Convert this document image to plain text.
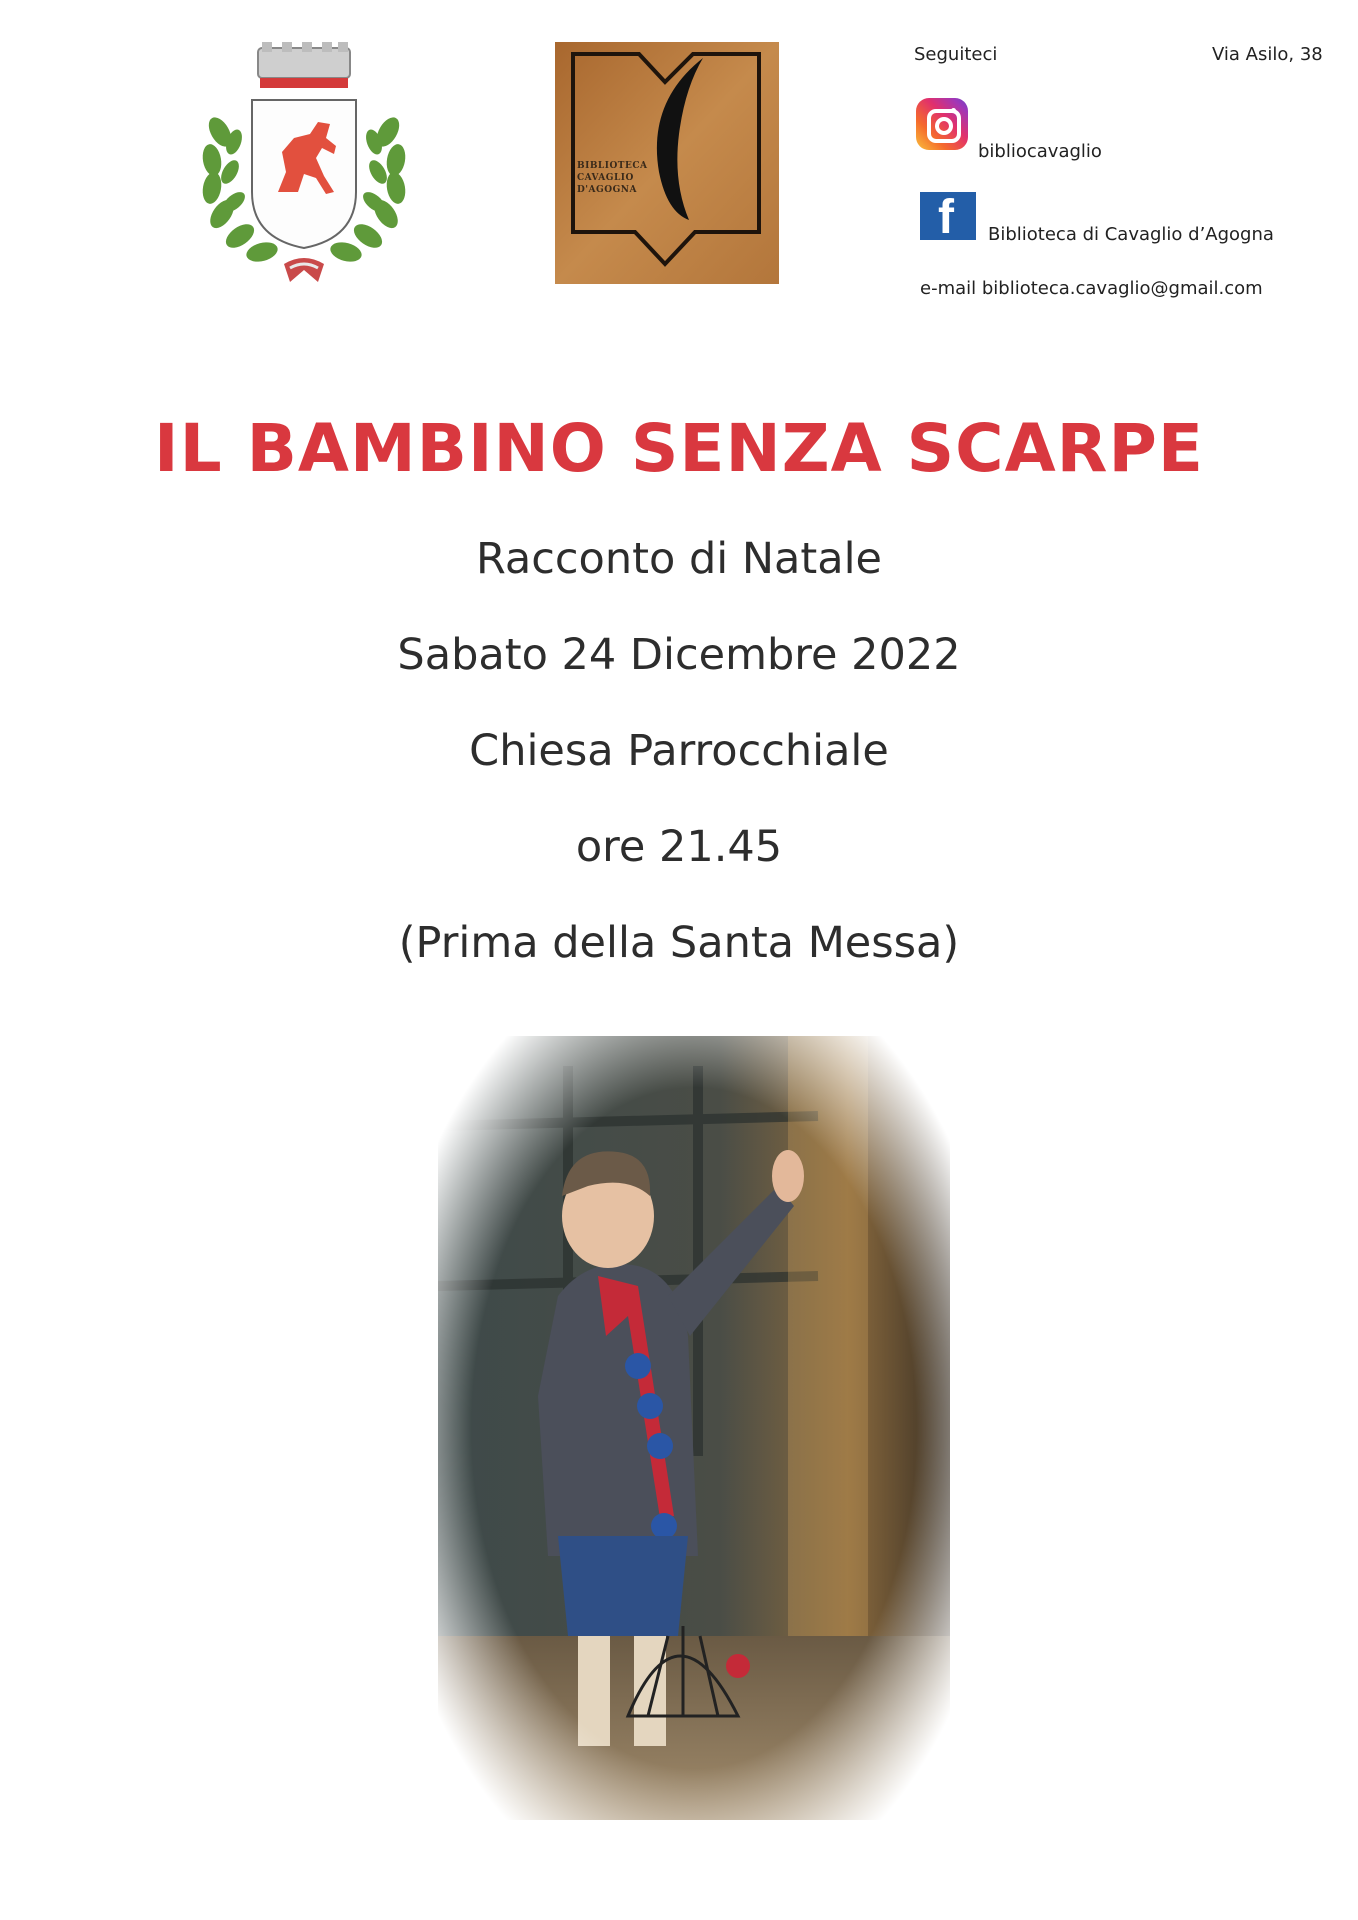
BIBLIOTECA
CAVAGLIO
D'AGOGNA
Seguiteci	Via Asilo, 38
bibliocavaglio
f Biblioteca di Cavaglio d’Agogna
e-mail biblioteca.cavaglio@gmail.com
IL BAMBINO SENZA SCARPE
Racconto di Natale
Sabato 24 Dicembre 2022
Chiesa Parrocchiale
ore 21.45
(Prima della Santa Messa)
